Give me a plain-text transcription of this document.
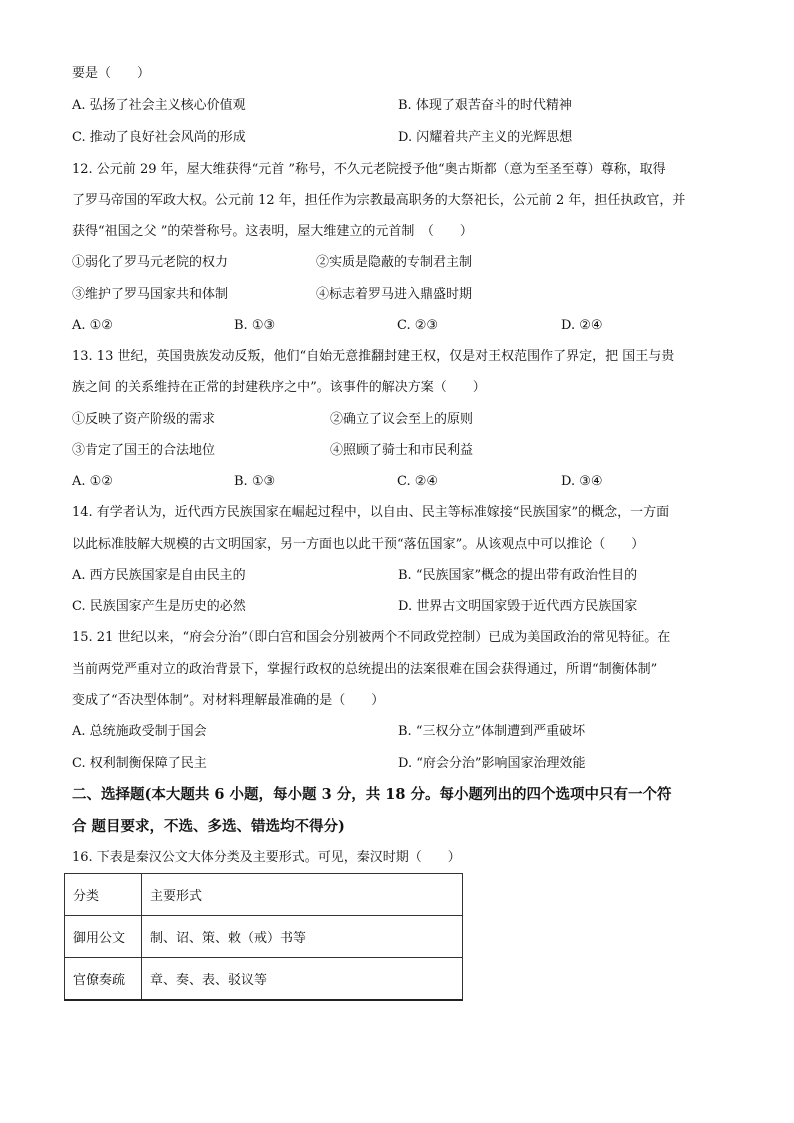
要是（　　）
A. 弘扬了社会主义核心价值观	B. 体现了艰苦奋斗的时代精神
C. 推动了良好社会风尚的形成	D. 闪耀着共产主义的光辉思想
12. 公元前 29 年，屋大维获得“元首 ”称号，不久元老院授予他“奥古斯都（意为至圣至尊）尊称，取得
了罗马帝国的军政大权。公元前 12 年，担任作为宗教最高职务的大祭祀长，公元前 2 年，担任执政官，并
获得“祖国之父 ”的荣誉称号。这表明，屋大维建立的元首制　（　　）
①弱化了罗马元老院的权力	②实质是隐蔽的专制君主制
③维护了罗马国家共和体制	④标志着罗马进入鼎盛时期
A. ①②	B. ①③	C. ②③	D. ②④
13. 13 世纪，英国贵族发动反叛，他们“自始无意推翻封建王权，仅是对王权范围作了界定，把 国王与贵
族之间 的关系维持在正常的封建秩序之中”。该事件的解决方案（　　）
①反映了资产阶级的需求	②确立了议会至上的原则
③肯定了国王的合法地位	④照顾了骑士和市民利益
A. ①②	B. ①③	C. ②④	D. ③④
14. 有学者认为，近代西方民族国家在崛起过程中，以自由、民主等标准嫁接“民族国家”的概念，一方面
以此标准肢解大规模的古文明国家，另一方面也以此干预“落伍国家”。从该观点中可以推论（　　）
A. 西方民族国家是自由民主的	B. “民族国家”概念的提出带有政治性目的
C. 民族国家产生是历史的必然	D. 世界古文明国家毁于近代西方民族国家
15. 21 世纪以来，“府会分治”（即白宫和国会分别被两个不同政党控制）已成为美国政治的常见特征。在
当前两党严重对立的政治背景下，掌握行政权的总统提出的法案很难在国会获得通过，所谓“制衡体制”
变成了“否决型体制”。对材料理解最准确的是（　　）
A. 总统施政受制于国会	B. “三权分立”体制遭到严重破坏
C. 权利制衡保障了民主	D. “府会分治”影响国家治理效能
二、选择题(本大题共 6 小题，每小题 3 分，共 18 分。每小题列出的四个选项中只有一个符
合 题目要求，不选、多选、错选均不得分)
16. 下表是秦汉公文大体分类及主要形式。可见，秦汉时期（　　）
分类	主要形式
御用公文	制、诏、策、敕（戒）书等
官僚奏疏	章、奏、表、驳议等
